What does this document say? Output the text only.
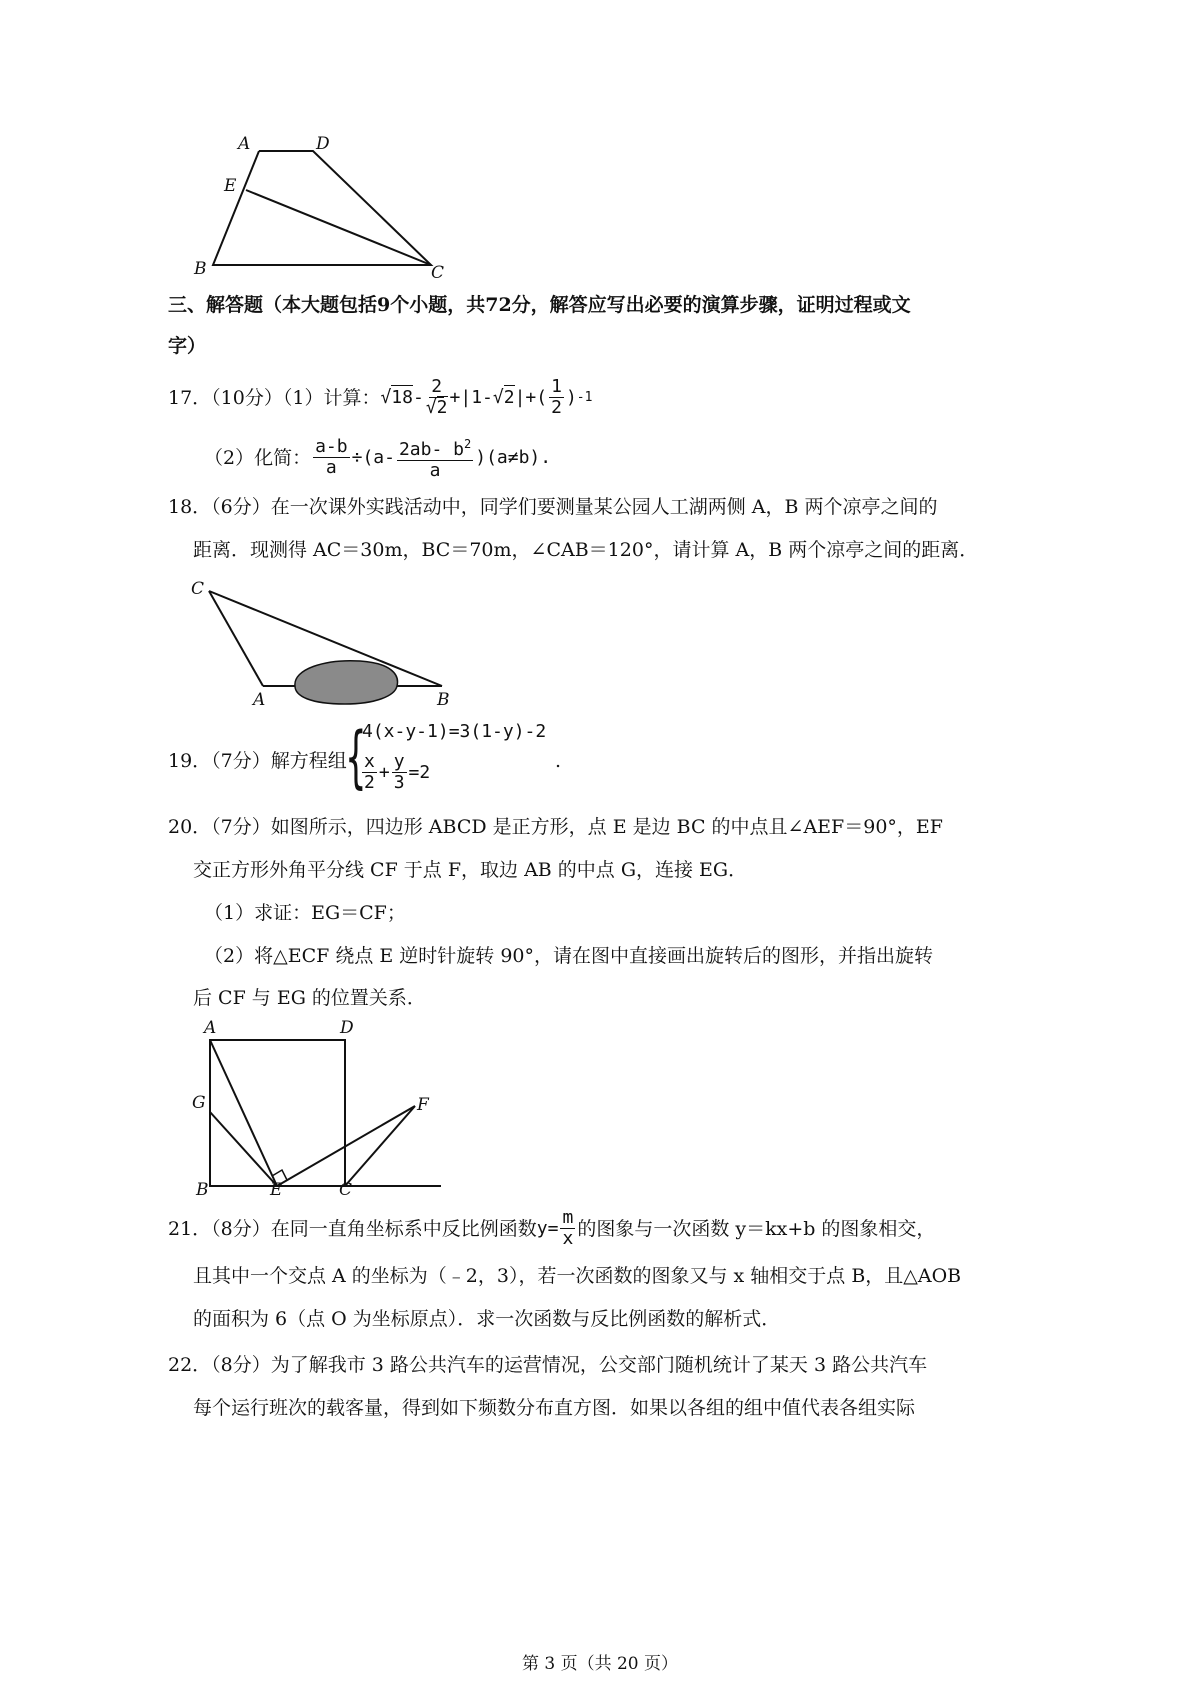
A	D
E
B	C
三、解答题（本大题包括9个小题，共72分，解答应写出必要的演算步骤，证明过程或文
字）
17．（10分）（1）计算： √ $18 - \frac{2}{√2}$ +| 1- √ 2 |+( $\frac{1}{2}$ ) -1
（2）化简： $\frac{a-b}{a} \div (a- \frac{2ab- b^2}{a}$ ) (a≠b).
18．（6分）在一次课外实践活动中，同学们要测量某公园人工湖两侧 A，B 两个凉亭之间的
距离．现测得 AC＝30m，BC＝70m，∠CAB＝120°，请计算 A，B 两个凉亭之间的距离．
C
A	B
19．（7分）解方程组
{
4(x-y-1)=3(1-y)-2
$\frac{x}{2} + \frac{y}{3} =2$
.
20．（7分）如图所示，四边形 ABCD 是正方形，点 E 是边 BC 的中点且∠AEF＝90°，EF
交正方形外角平分线 CF 于点 F，取边 AB 的中点 G，连接 EG．
（1）求证：EG＝CF；
（2）将△ECF 绕点 E 逆时针旋转 90°，请在图中直接画出旋转后的图形，并指出旋转
后 CF 与 EG 的位置关系．
A	D
G	F
B	E	C
21．（8分）在同一直角坐标系中反比例函数 $y= \frac{m}{x}$ 的图象与一次函数 y＝kx+b 的图象相交，
且其中一个交点 A 的坐标为（﹣2，3），若一次函数的图象又与 x 轴相交于点 B，且△AOB
的面积为 6（点 O 为坐标原点）．求一次函数与反比例函数的解析式．
22．（8分）为了解我市 3 路公共汽车的运营情况，公交部门随机统计了某天 3 路公共汽车
每个运行班次的载客量，得到如下频数分布直方图．如果以各组的组中值代表各组实际
第 3 页（共 20 页）
